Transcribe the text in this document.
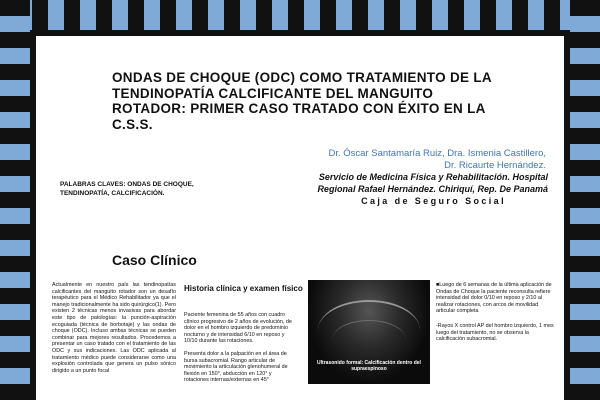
ONDAS DE CHOQUE (ODC) COMO TRATAMIENTO DE LA TENDINOPATÍA CALCIFICANTE DEL MANGUITO ROTADOR: PRIMER CASO TRATADO CON ÉXITO EN LA C.S.S.
Dr. Óscar Santamaría Ruiz, Dra. Ismenia Castillero,
Dr. Ricaurte Hernández.
Servicio de Medicina Física y Rehabilitación. Hospital
Regional Rafael Hernández. Chiriquí, Rep. De Panamá
Caja de Seguro Social
PALABRAS CLAVES: ONDAS DE CHOQUE, TENDINOPATÍA, CALCIFICACIÓN.
Caso Clínico
Actualmente en nuestro país las tendinopatías calcificantes del manguito rotador son un desafío terapéutico para el Médico Rehabilitador ya que el manejo tradicionalmente ha sido quirúrgico(1). Pero existen 2 técnicas menos invasivas para abordar este tipo de patologías: la punción-aspiración ecoguiada (técnica de borbotaje) y las ondas de choque (ODC). Incluso ambas técnicas se pueden combinar para mejores resultados. Procedemos a presentar un caso tratado con el tratamiento de las ODC y sus indicaciones. Las ODC aplicada al tratamiento médico puede considerarse como una explosión controlada que genera un pulso sónico dirigido a un punto focal
Historia clínica y examen físico

Paciente femenina de 55 años con cuadro clínico progresivo de 2 años de evolución, de dolor en el hombro izquierdo de predominio nocturno y de intensidad 6/10 en reposo y 10/10 durante las rotaciones.

Presenta dolor a la palpación en el área de bursa subacromial. Rango articular de movimiento la articulación glenohumeral de flexión en 150°, abducción en 120° y rotaciones internas/externas en 45°

Ultrasonido formal: Calcificación dentro del supraespinoso

■Luego de 6 semanas de la última aplicación de Ondas de Choque la paciente reconsulta refiere intensidad del dolor 0/10 en reposo y 2/10 al realizar rotaciones, con arcos de movilidad articular completa

-Rayos X control AP del hombro izquierdo, 1 mes luego del tratamiento, no se observa la calcificación subacromial.
